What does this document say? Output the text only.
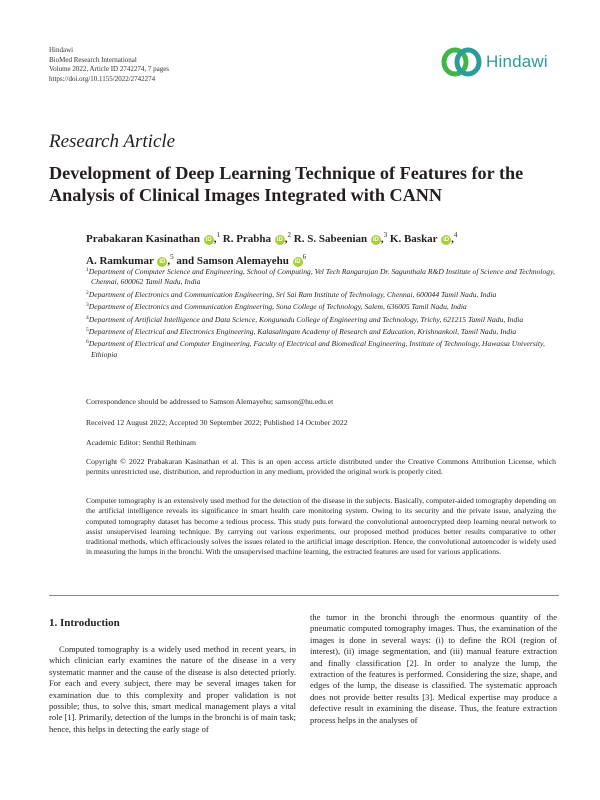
Hindawi
BioMed Research International
Volume 2022, Article ID 2742274, 7 pages
https://doi.org/10.1155/2022/2742274
Hindawi
Research Article
Development of Deep Learning Technique of Features for the Analysis of Clinical Images Integrated with CANN
Prabakaran Kasinathan iD ,$^1$ R. Prabha iD ,$^2$ R. S. Sabeenian iD ,$^3$ K. Baskar iD ,$^4$
A. Ramkumar iD ,$^5$ and Samson Alemayehu $iD^6$
$^1$Department of Computer Science and Engineering, School of Computing, Vel Tech Rangarajan Dr. Sagunthala R&D Institute of Science and Technology, Chennai, 600062 Tamil Nadu, India
$^2$Department of Electronics and Communication Engineering, Sri Sai Ram Institute of Technology, Chennai, 600044 Tamil Nadu, India
$^3$Department of Electronics and Communication Engineering, Sona College of Technology, Salem, 636005 Tamil Nadu, India
$^4$Department of Artificial Intelligence and Data Science, Kongunadu College of Engineering and Technology, Trichy, 621215 Tamil Nadu, India
$^5$Department of Electrical and Electronics Engineering, Kalasalingam Academy of Research and Education, Krishnankoil, Tamil Nadu, India
$^6$Department of Electrical and Computer Engineering, Faculty of Electrical and Biomedical Engineering, Institute of Technology, Hawassa University, Ethiopia
Correspondence should be addressed to Samson Alemayehu; samson@hu.edu.et
Received 12 August 2022; Accepted 30 September 2022; Published 14 October 2022
Academic Editor: Senthil Rethinam
Copyright © 2022 Prabakaran Kasinathan et al. This is an open access article distributed under the Creative Commons Attribution License, which permits unrestricted use, distribution, and reproduction in any medium, provided the original work is properly cited.
Computer tomography is an extensively used method for the detection of the disease in the subjects. Basically, computer-aided tomography depending on the artificial intelligence reveals its significance in smart health care monitoring system. Owing to its security and the private issue, analyzing the computed tomography dataset has become a tedious process. This study puts forward the convolutional autoencrypted deep learning neural network to assist unsupervised learning technique. By carrying out various experiments, our proposed method produces better results comparative to other traditional methods, which efficaciously solves the issues related to the artificial image description. Hence, the convolutional autoencoder is widely used in measuring the lumps in the bronchi. With the unsupervised machine learning, the extracted features are used for various applications.
1. Introduction

Computed tomography is a widely used method in recent years, in which clinician early examines the nature of the disease in a very systematic manner and the cause of the disease is also detected priorly. For each and every subject, there may be several images taken for examination due to this complexity and proper validation is not possible; thus, to solve this, smart medical management plays a vital role [1]. Primarily, detection of the lumps in the bronchi is of main task; hence, this helps in detecting the early stage of

the tumor in the bronchi through the enormous quantity of the pneumatic computed tomography images. Thus, the examination of the images is done in several ways: (i) to define the ROI (region of interest), (ii) image segmentation, and (iii) manual feature extraction and finally classification [2]. In order to analyze the lump, the extraction of the features is performed. Considering the size, shape, and edges of the lump, the disease is classified. The systematic approach does not provide better results [3]. Medical expertise may produce a defective result in examining the disease. Thus, the feature extraction process helps in the analyses of
